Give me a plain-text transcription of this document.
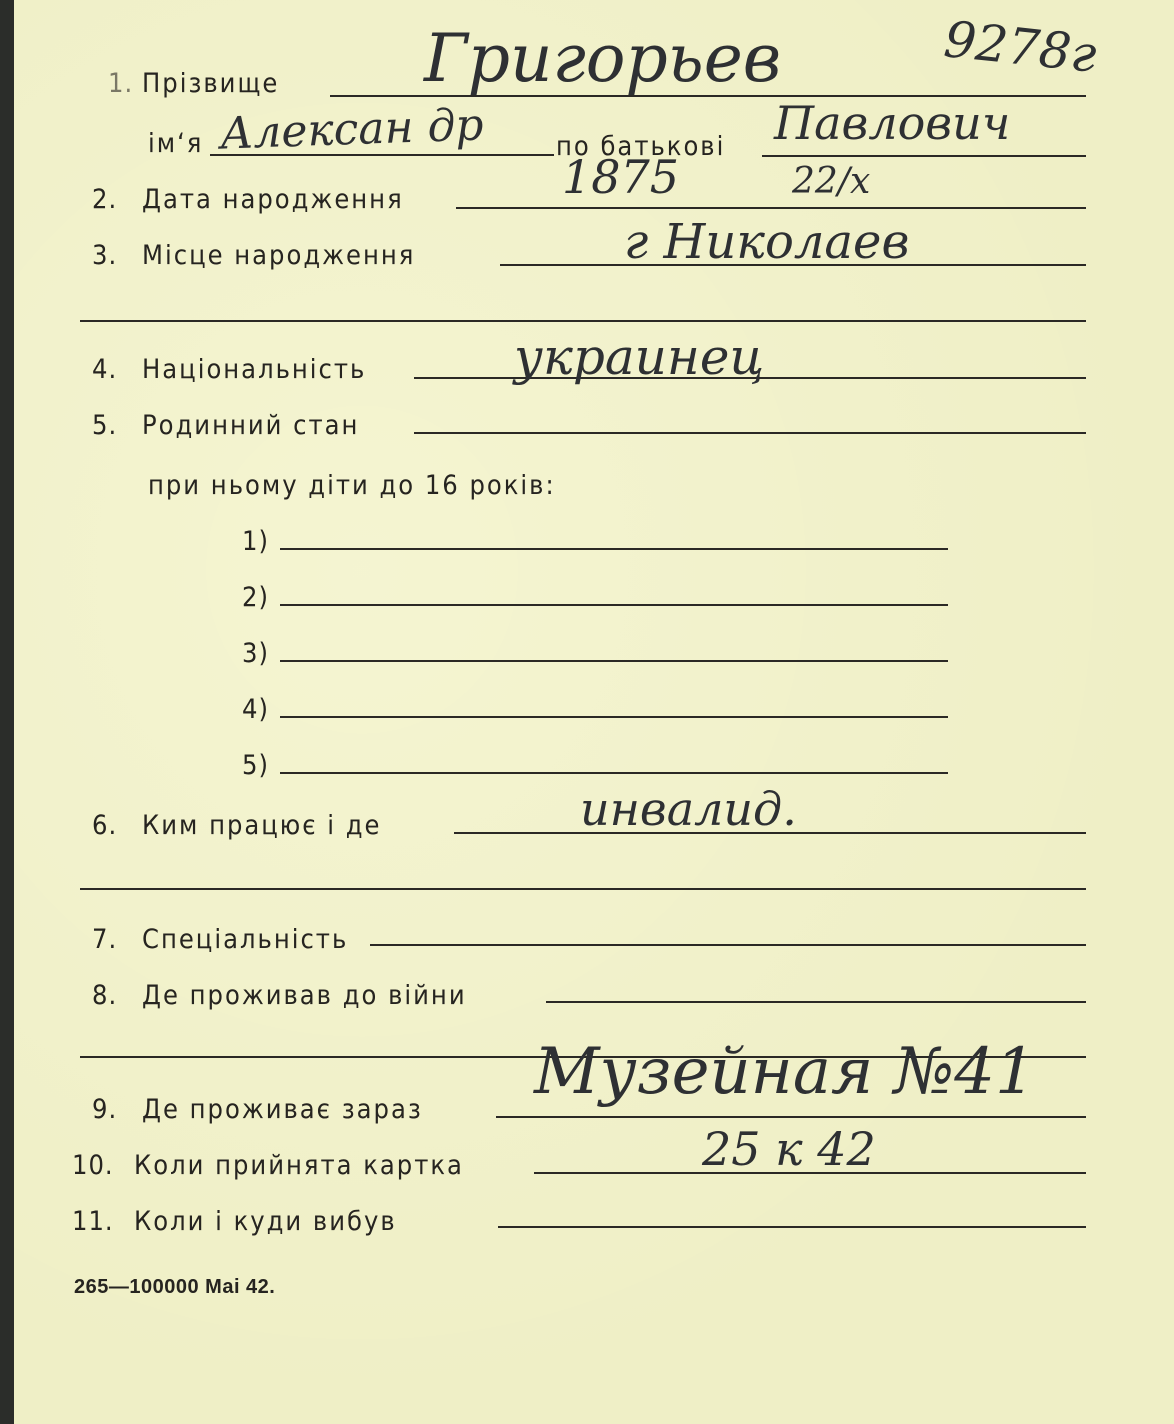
9278г
1. Прізвище Григорьев
ім‘я Алексан др	по батькові Павлович
2. Дата народження	1875	22/x
3. Місце народження	г Николаев
4. Національність	украинец
5. Родинний стан
при ньому діти до 16 років:
1)
2)
3)
4)
5)
6. Ким працює і де	инвалид.
7. Спеціальність
8. Де проживав до війни
9. Де проживає зараз
Музейная №41
10. Коли прийнята картка	25 к 42
11. Коли і куди вибув
265—100000 Mai 42.
